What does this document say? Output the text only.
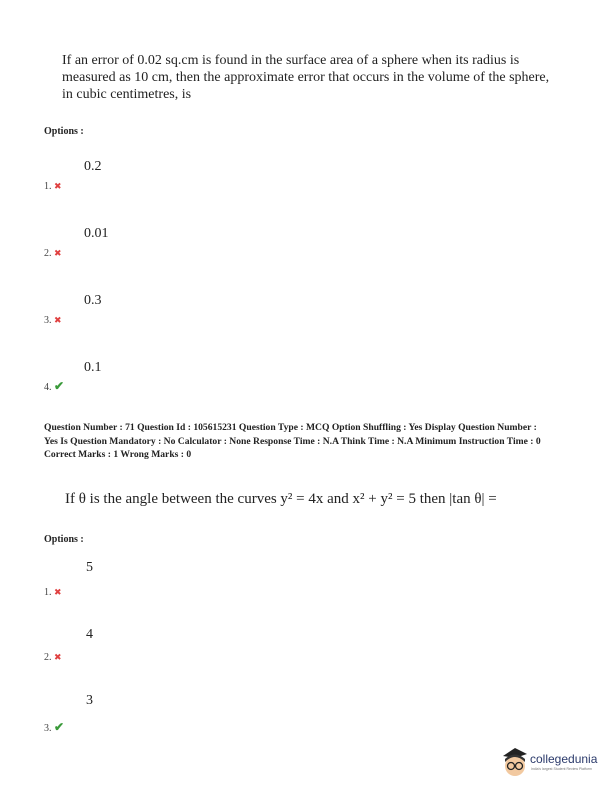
If an error of 0.02 sq.cm is found in the surface area of a sphere when its radius is
measured as 10 cm, then the approximate error that occurs in the volume of the sphere,
in cubic centimetres, is
Options :
0.2
1. ✖
0.01
2. ✖
0.3
3. ✖
0.1
4. ✔
Question Number : 71 Question Id : 105615231 Question Type : MCQ Option Shuffling : Yes Display Question Number :
Yes Is Question Mandatory : No Calculator : None Response Time : N.A Think Time : N.A Minimum Instruction Time : 0
Correct Marks : 1 Wrong Marks : 0
If θ is the angle between the curves y² = 4x and x² + y² = 5 then |tan θ| =
Options :
5
1. ✖
4
2. ✖
3
3. ✔
collegedunia
India's largest Student Review Platform
